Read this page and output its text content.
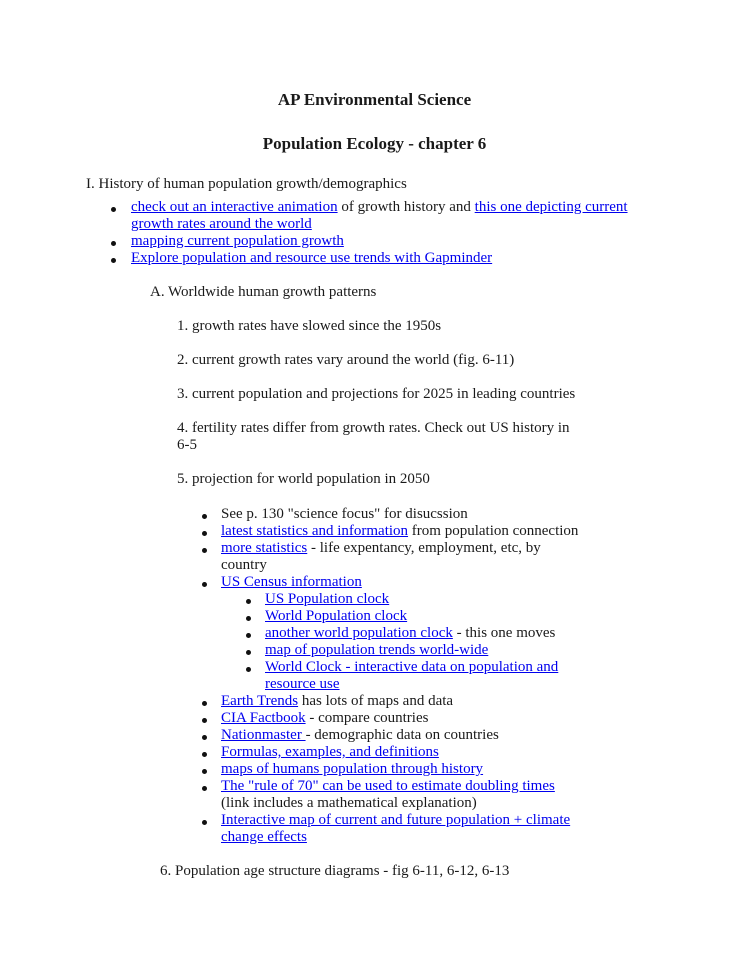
AP Environmental Science
Population Ecology - chapter 6
I. History of human population growth/demographics
check out an interactive animation of growth history and this one depicting current
growth rates around the world
mapping current population growth
Explore population and resource use trends with Gapminder
A. Worldwide human growth patterns
1. growth rates have slowed since the 1950s
2. current growth rates vary around the world (fig. 6-11)
3. current population and projections for 2025 in leading countries
4. fertility rates differ from growth rates. Check out US history in
6-5
5. projection for world population in 2050
See p. 130 "science focus" for disucssion
latest statistics and information from population connection
more statistics - life expentancy, employment, etc, by
country
US Census information
US Population clock
World Population clock
another world population clock - this one moves
map of population trends world-wide
World Clock - interactive data on population and
resource use
Earth Trends has lots of maps and data
CIA Factbook - compare countries
Nationmaster - demographic data on countries
Formulas, examples, and definitions
maps of humans population through history
The "rule of 70" can be used to estimate doubling times
(link includes a mathematical explanation)
Interactive map of current and future population + climate
change effects
6. Population age structure diagrams - fig 6-11, 6-12, 6-13
